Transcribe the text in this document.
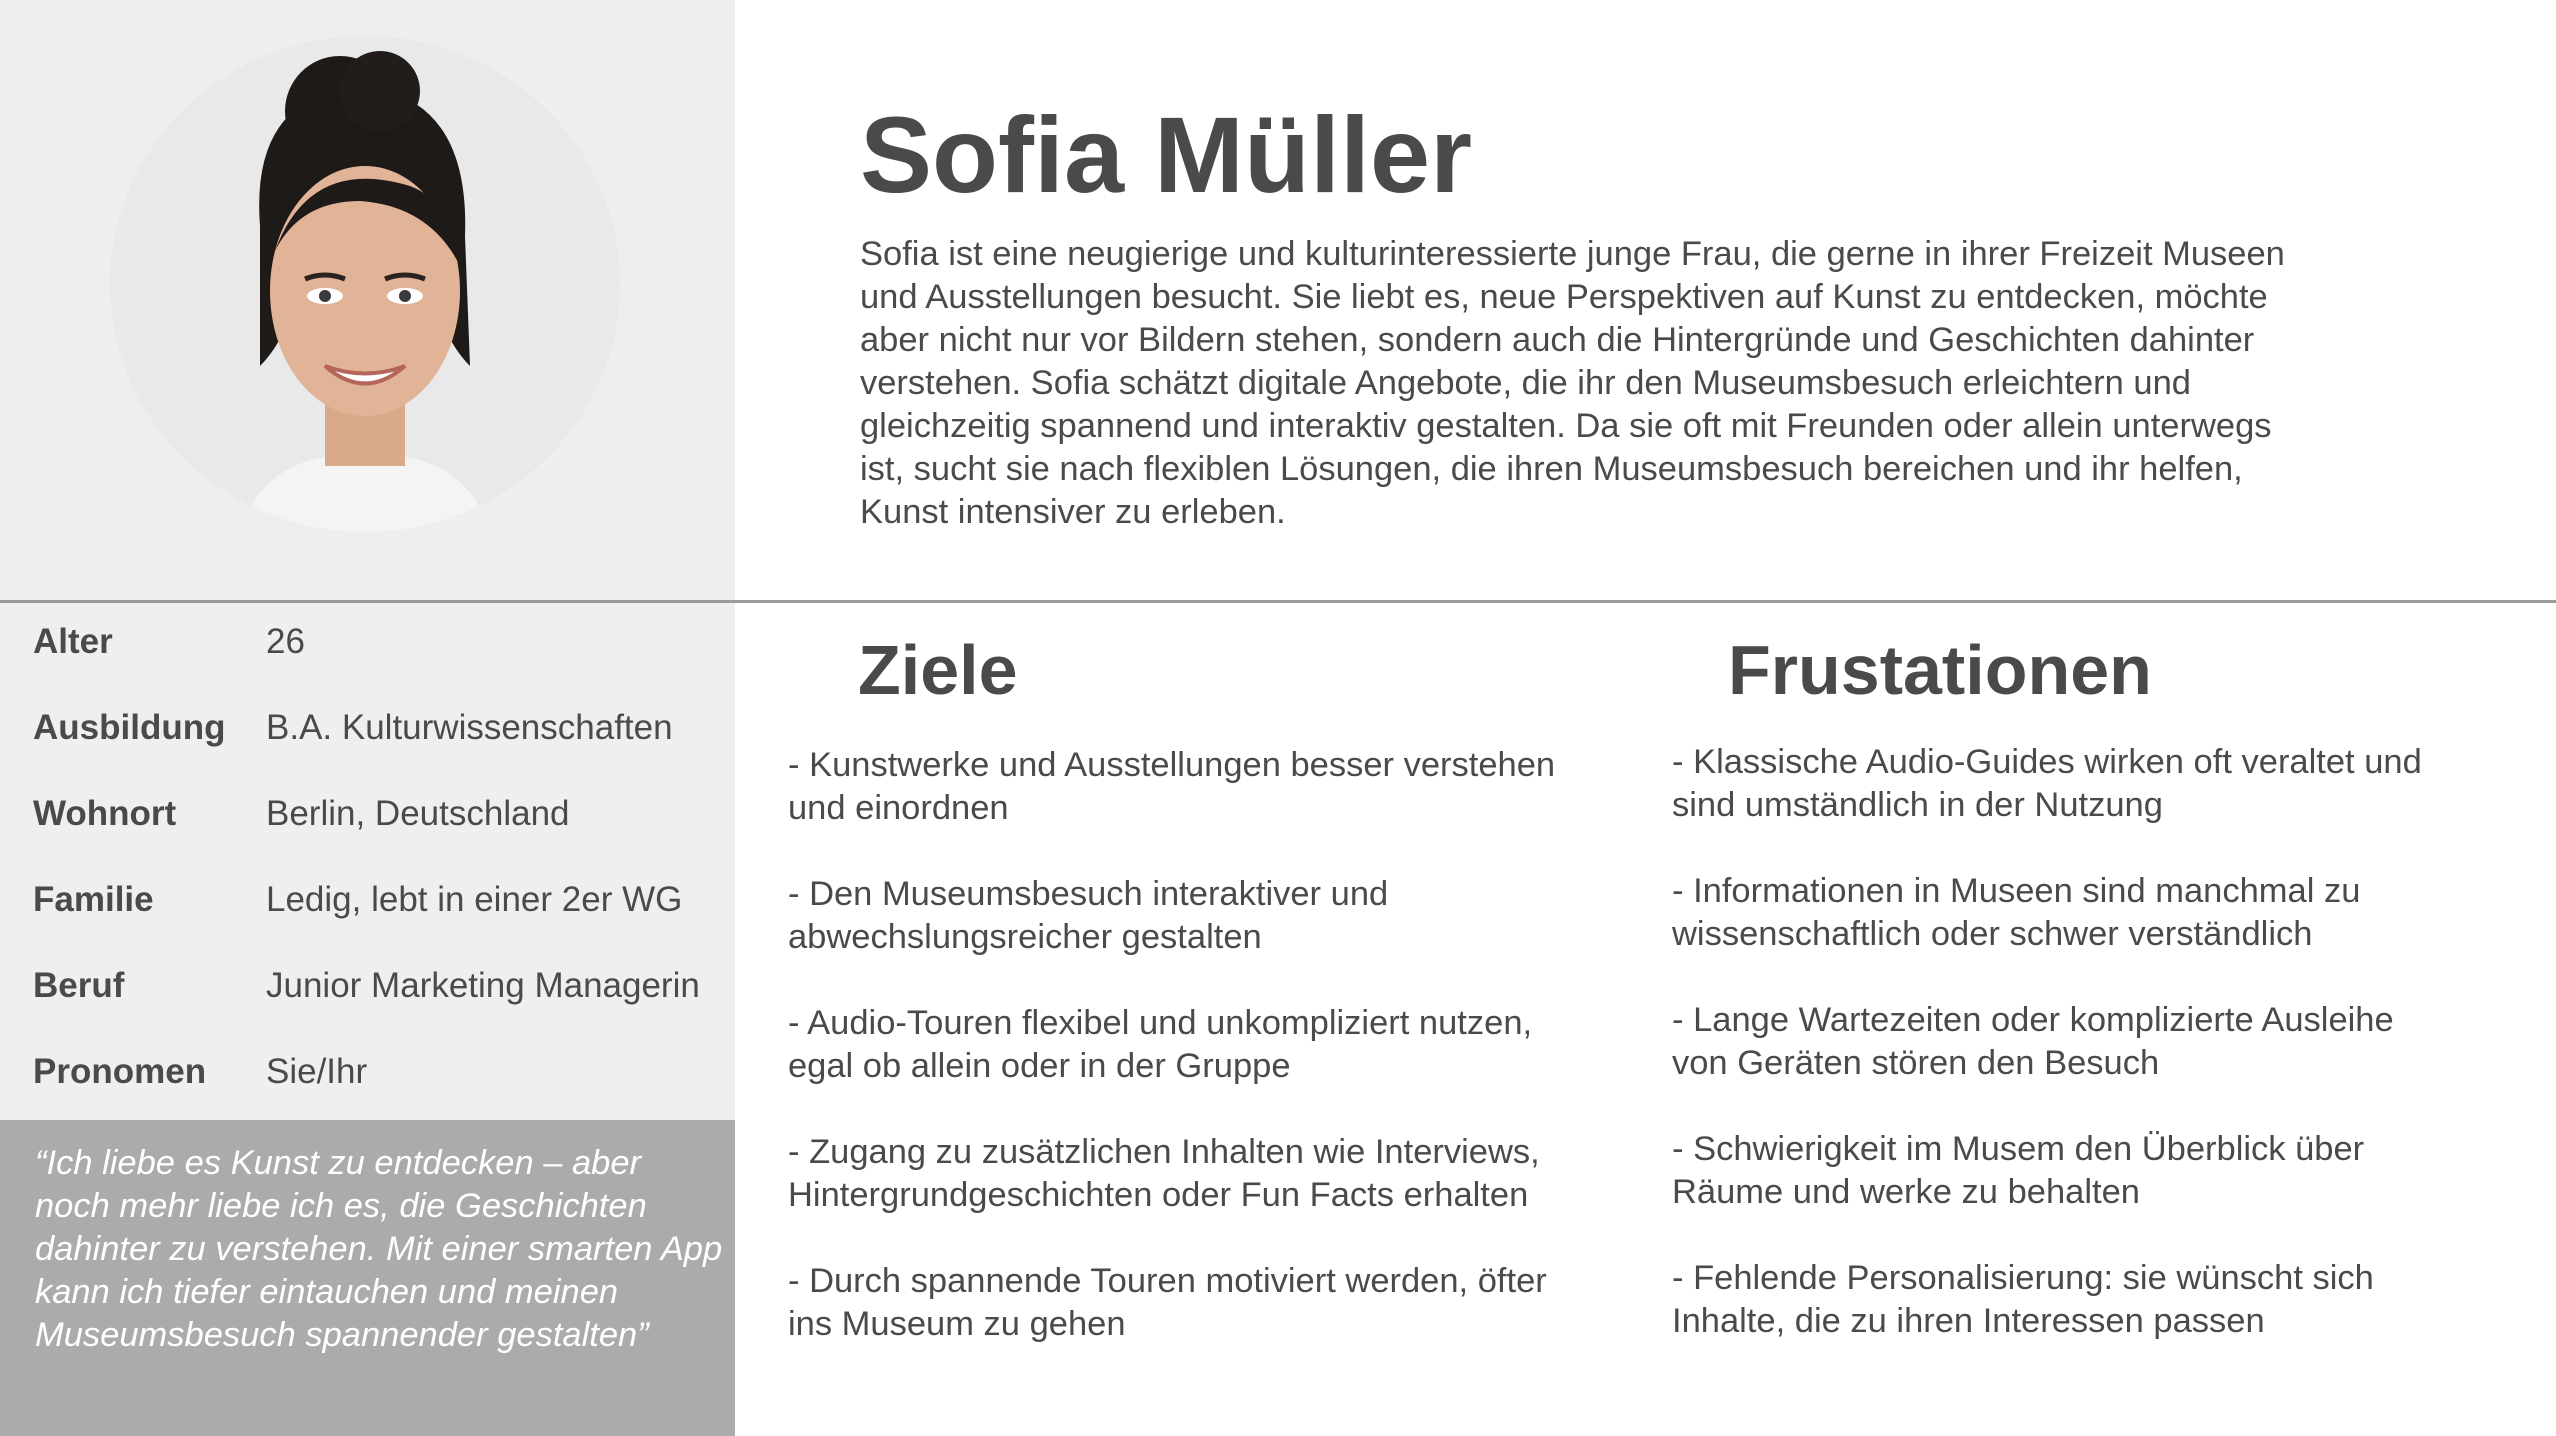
Sofia Müller

Sofia ist eine neugierige und kulturinteressierte junge Frau, die gerne in ihrer Freizeit Museen und Ausstellungen besucht. Sie liebt es, neue Perspektiven auf Kunst zu entdecken, möchte aber nicht nur vor Bildern stehen, sondern auch die Hintergründe und Geschichten dahinter verstehen. Sofia schätzt digitale Angebote, die ihr den Museumsbesuch erleichtern und gleichzeitig spannend und interaktiv gestalten. Da sie oft mit Freunden oder allein unterwegs ist, sucht sie nach flexiblen Lösungen, die ihren Museumsbesuch bereichen und ihr helfen, Kunst intensiver zu erleben.

Alter	26
Ausbildung B.A. Kulturwissenschaften
Wohnort	Berlin, Deutschland
Familie	Ledig, lebt in einer 2er WG
Beruf	Junior Marketing Managerin
Pronomen Sie/Ihr

“Ich liebe es Kunst zu entdecken – aber noch mehr liebe ich es, die Geschichten dahinter zu verstehen. Mit einer smarten App kann ich tiefer eintauchen und meinen Museumsbesuch spannender gestalten”

Ziele
- Kunstwerke und Ausstellungen besser verstehen und einordnen
- Den Museumsbesuch interaktiver und abwechslungsreicher gestalten
- Audio-Touren flexibel und unkompliziert nutzen, egal ob allein oder in der Gruppe
- Zugang zu zusätzlichen Inhalten wie Interviews, Hintergrundgeschichten oder Fun Facts erhalten
- Durch spannende Touren motiviert werden, öfter ins Museum zu gehen
Frustationen
- Klassische Audio-Guides wirken oft veraltet und sind umständlich in der Nutzung
- Informationen in Museen sind manchmal zu wissenschaftlich oder schwer verständlich
- Lange Wartezeiten oder komplizierte Ausleihe von Geräten stören den Besuch
- Schwierigkeit im Musem den Überblick über Räume und werke zu behalten
- Fehlende Personalisierung: sie wünscht sich Inhalte, die zu ihren Interessen passen
